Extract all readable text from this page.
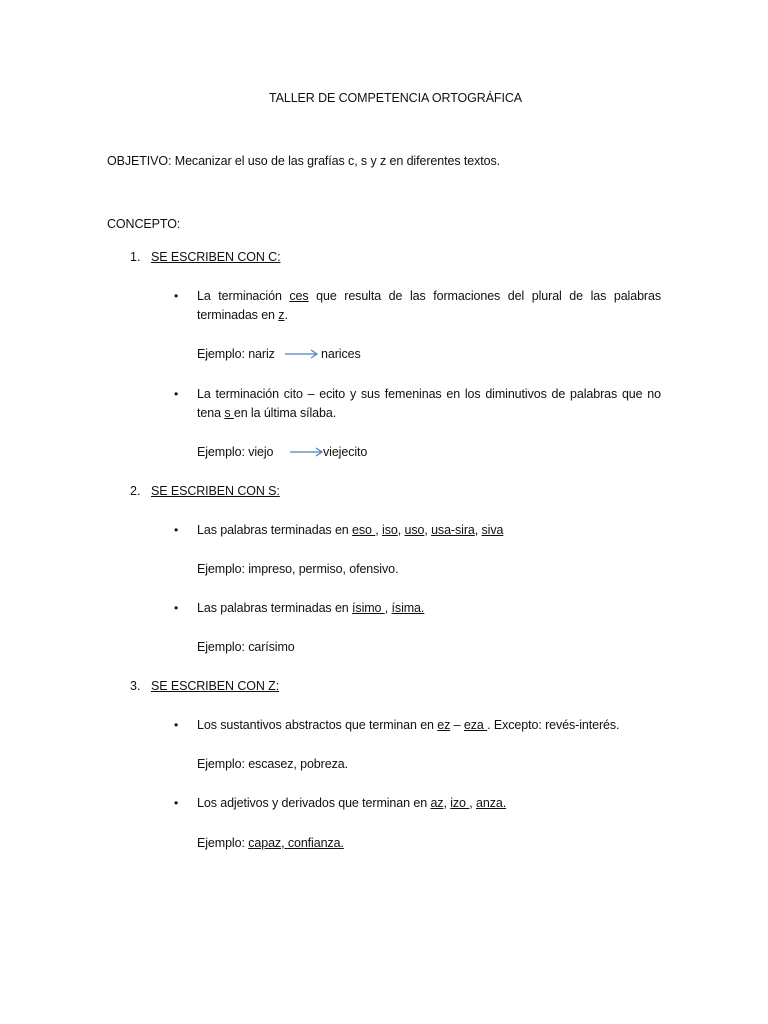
TALLER DE COMPETENCIA ORTOGRÁFICA
OBJETIVO: Mecanizar el uso de las grafías c, s y z en diferentes textos.
CONCEPTO:
1. SE ESCRIBEN CON C:
• La terminación ces que resulta de las formaciones del plural de las palabras
terminadas en z.
Ejemplo: nariz	narices
• La terminación cito – ecito y sus femeninas en los diminutivos de palabras que no
tena s en la última sílaba.
Ejemplo: viejo	viejecito
2. SE ESCRIBEN CON S:
• Las palabras terminadas en eso , iso, uso, usa-sira, siva
Ejemplo: impreso, permiso, ofensivo.
• Las palabras terminadas en ísimo , ísima.
Ejemplo: carísimo
3. SE ESCRIBEN CON Z:
• Los sustantivos abstractos que terminan en ez – eza . Excepto: revés-interés.
Ejemplo: escasez, pobreza.
• Los adjetivos y derivados que terminan en az, izo , anza.
Ejemplo: capaz, confianza.
